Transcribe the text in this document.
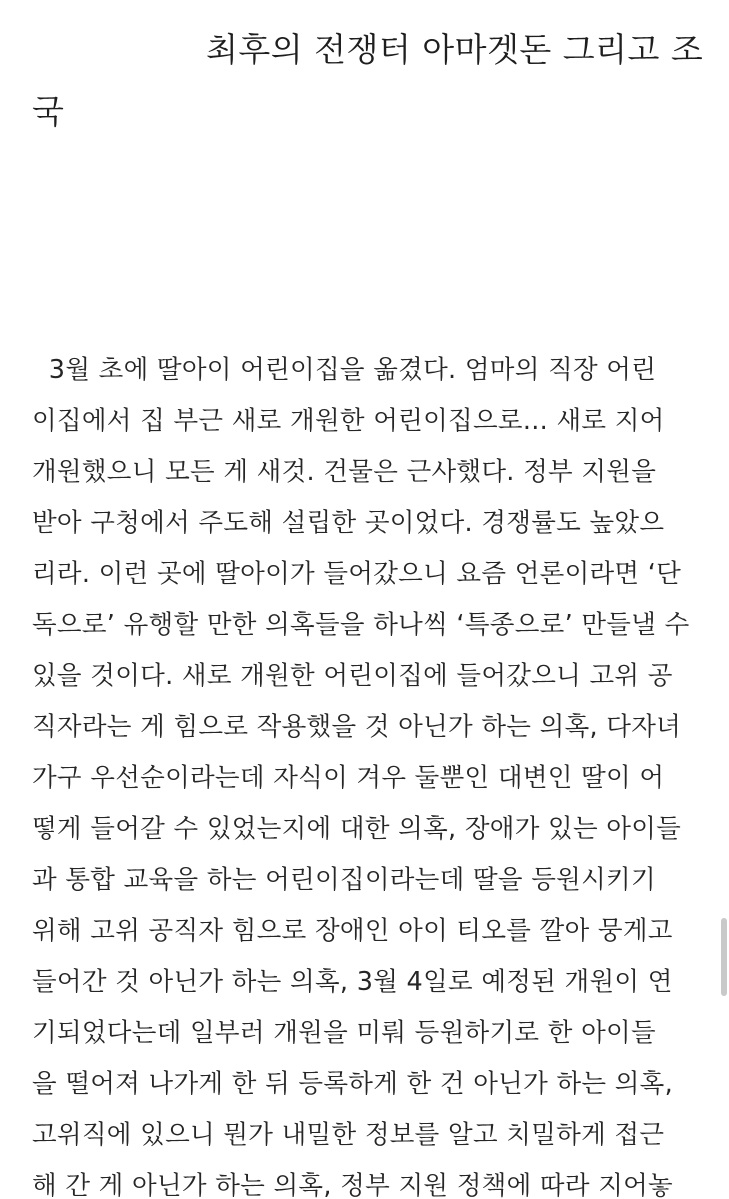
최후의 전쟁터 아마겟돈 그리고 조
국
3월 초에 딸아이 어린이집을 옮겼다. 엄마의 직장 어린
이집에서 집 부근 새로 개원한 어린이집으로... 새로 지어
개원했으니 모든 게 새것. 건물은 근사했다. 정부 지원을
받아 구청에서 주도해 설립한 곳이었다. 경쟁률도 높았으
리라. 이런 곳에 딸아이가 들어갔으니 요즘 언론이라면 ‘단
독으로’ 유행할 만한 의혹들을 하나씩 ‘특종으로’ 만들낼 수
있을 것이다. 새로 개원한 어린이집에 들어갔으니 고위 공
직자라는 게 힘으로 작용했을 것 아닌가 하는 의혹, 다자녀
가구 우선순이라는데 자식이 겨우 둘뿐인 대변인 딸이 어
떻게 들어갈 수 있었는지에 대한 의혹, 장애가 있는 아이들
과 통합 교육을 하는 어린이집이라는데 딸을 등원시키기
위해 고위 공직자 힘으로 장애인 아이 티오를 깔아 뭉게고
들어간 것 아닌가 하는 의혹, 3월 4일로 예정된 개원이 연
기되었다는데 일부러 개원을 미뤄 등원하기로 한 아이들
을 떨어져 나가게 한 뒤 등록하게 한 건 아닌가 하는 의혹,
고위직에 있으니 뭔가 내밀한 정보를 알고 치밀하게 접근
해 간 게 아닌가 하는 의혹, 정부 지원 정책에 따라 지어놓
